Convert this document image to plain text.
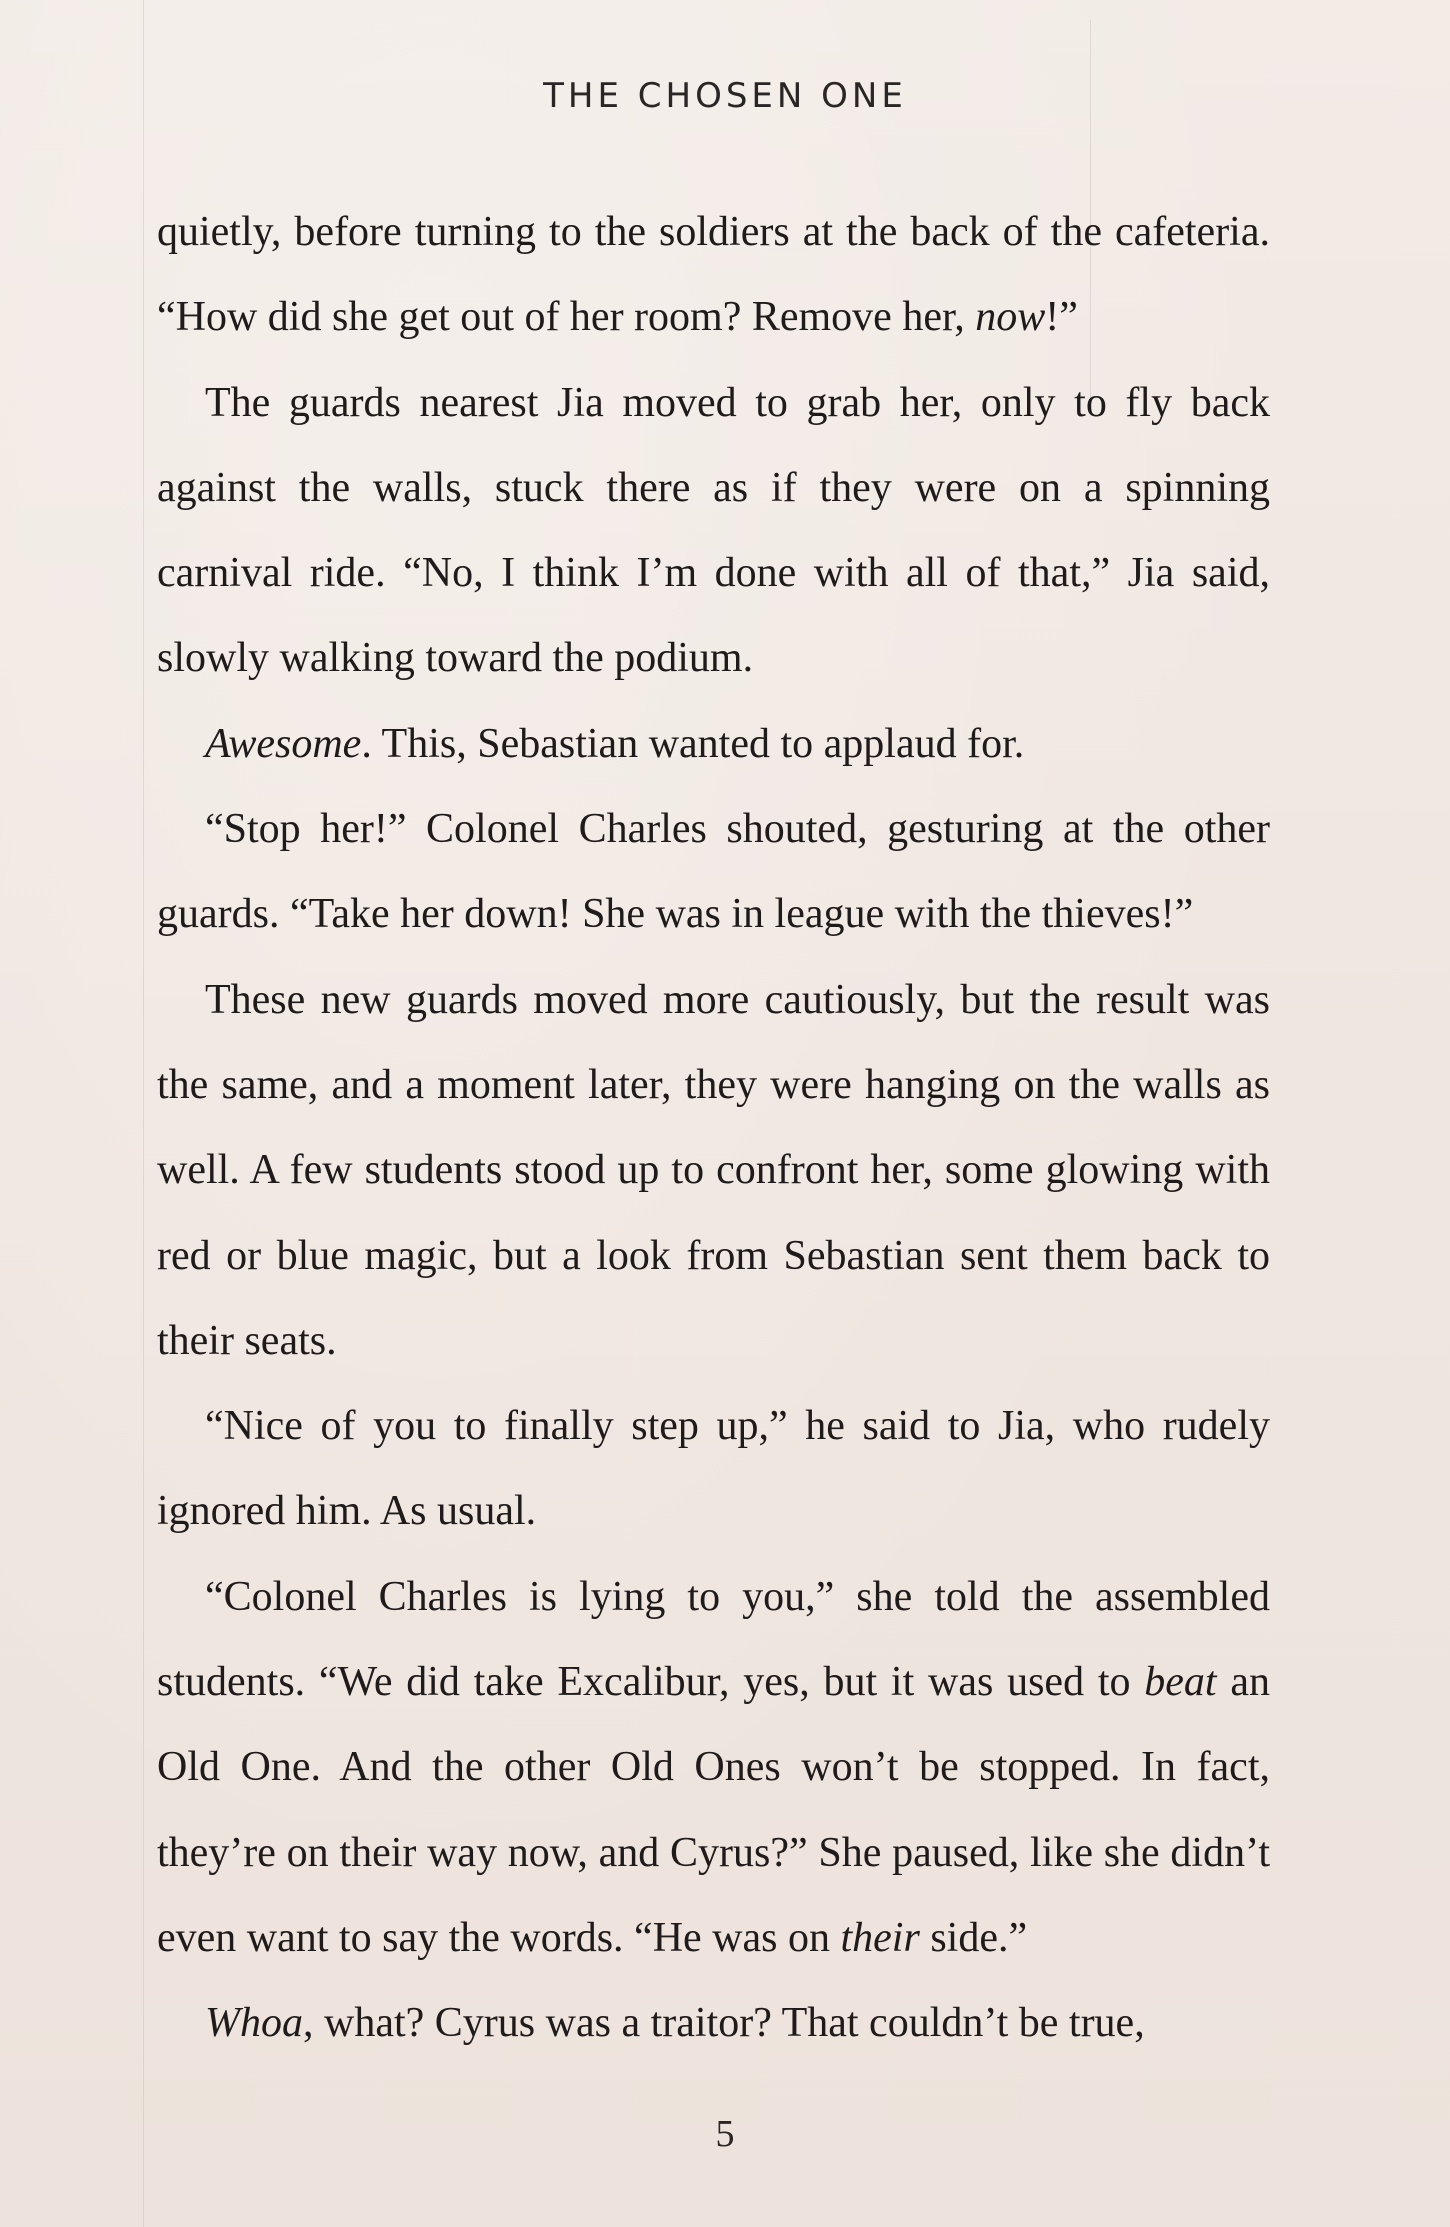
THE CHOSEN ONE

quietly, before turning to the soldiers at the back of the cafeteria. “How did she get out of her room? Remove her, now!”

The guards nearest Jia moved to grab her, only to fly back against the walls, stuck there as if they were on a spinning carnival ride. “No, I think I’m done with all of that,” Jia said, slowly walking toward the podium.

Awesome. This, Sebastian wanted to applaud for.

“Stop her!” Colonel Charles shouted, gesturing at the other guards. “Take her down! She was in league with the thieves!”

These new guards moved more cautiously, but the result was the same, and a moment later, they were hanging on the walls as well. A few students stood up to confront her, some glowing with red or blue magic, but a look from Sebastian sent them back to their seats.

“Nice of you to finally step up,” he said to Jia, who rudely ignored him. As usual.

“Colonel Charles is lying to you,” she told the assembled students. “We did take Excalibur, yes, but it was used to beat an Old One. And the other Old Ones won’t be stopped. In fact, they’re on their way now, and Cyrus?” She paused, like she didn’t even want to say the words. “He was on their side.”

Whoa, what? Cyrus was a traitor? That couldn’t be true,

5
